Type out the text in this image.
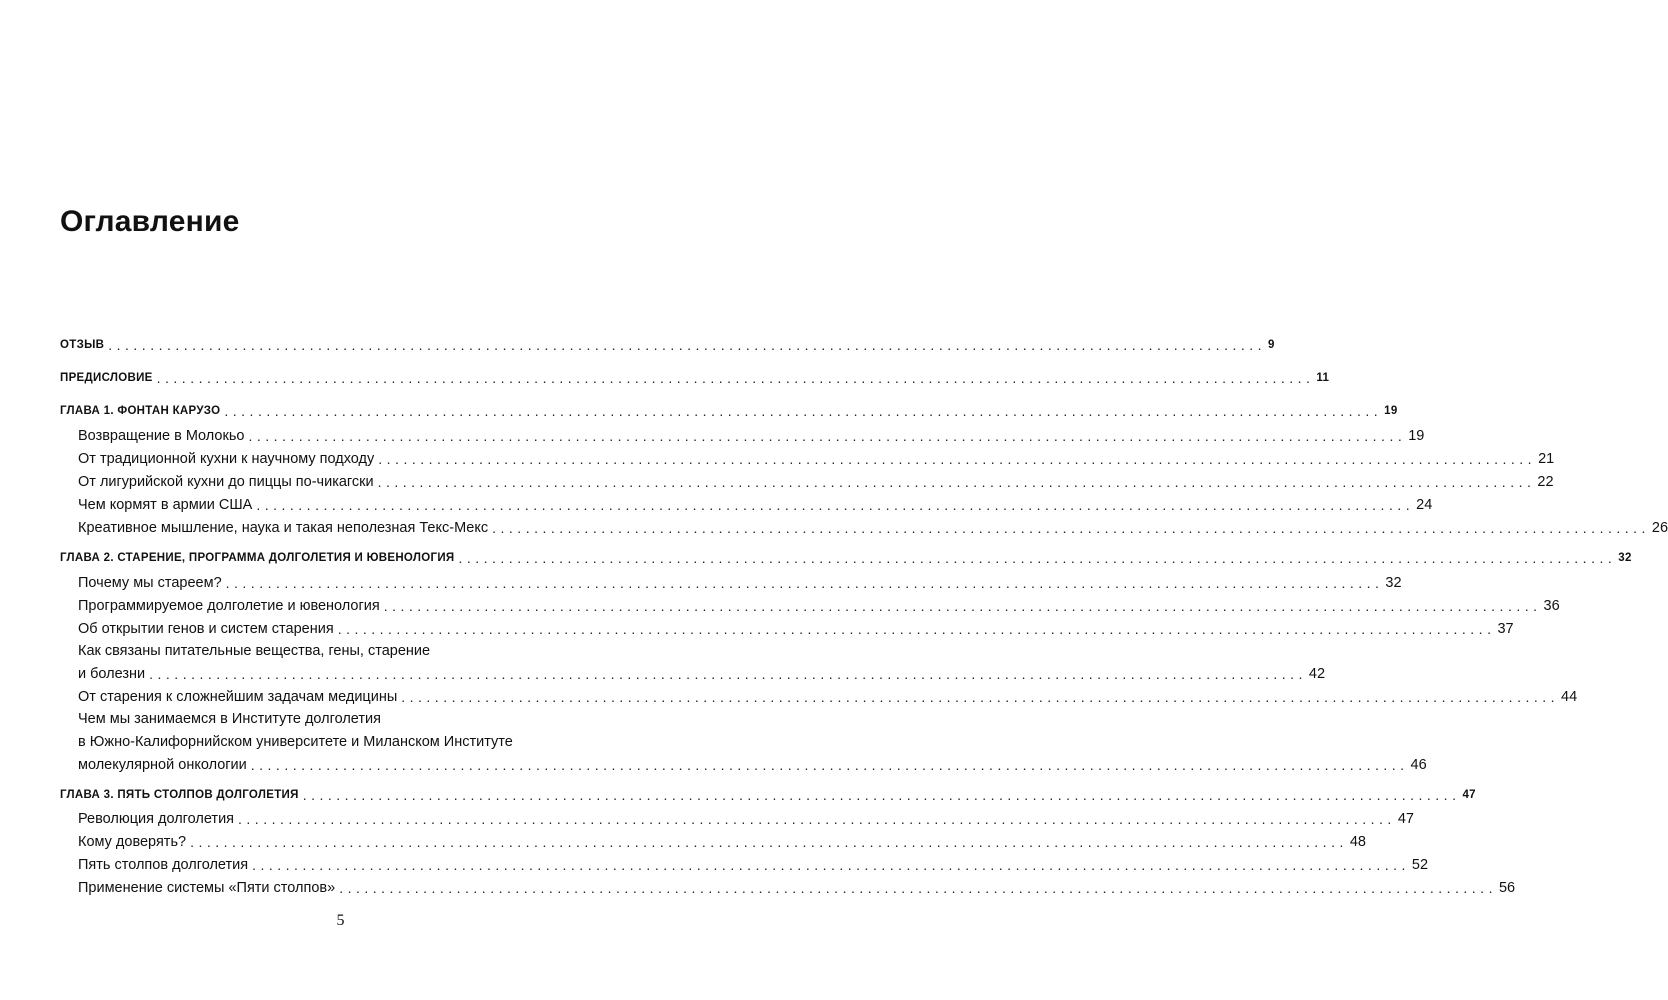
Оглавление
ОТЗЫВ .......................................................................................................................................... 9
ПРЕДИСЛОВИЕ .......................................................................................................................................... 11
ГЛАВА 1. ФОНТАН КАРУЗО .......................................................................................................................................... 19
Возвращение в Молокьо .......................................................................................................................................... 19
От традиционной кухни к научному подходу .......................................................................................................................................... 21
От лигурийской кухни до пиццы по-чикагски .......................................................................................................................................... 22
Чем кормят в армии США .......................................................................................................................................... 24
Креативное мышление, наука и такая неполезная Текс-Мекс .......................................................................................................................................... 26
ГЛАВА 2. СТАРЕНИЕ, ПРОГРАММА ДОЛГОЛЕТИЯ И ЮВЕНОЛОГИЯ .......................................................................................................................................... 32
Почему мы стареем? .......................................................................................................................................... 32
Программируемое долголетие и ювенология .......................................................................................................................................... 36
Об открытии генов и систем старения .......................................................................................................................................... 37
Как связаны питательные вещества, гены, старение
и болезни .......................................................................................................................................... 42
От старения к сложнейшим задачам медицины .......................................................................................................................................... 44
Чем мы занимаемся в Институте долголетия
в Южно-Калифорнийском университете и Миланском Институте
молекулярной онкологии .......................................................................................................................................... 46
ГЛАВА 3. ПЯТЬ СТОЛПОВ ДОЛГОЛЕТИЯ .......................................................................................................................................... 47
Революция долголетия .......................................................................................................................................... 47
Кому доверять? .......................................................................................................................................... 48
Пять столпов долголетия .......................................................................................................................................... 52
Применение системы «Пяти столпов» .......................................................................................................................................... 56
5
